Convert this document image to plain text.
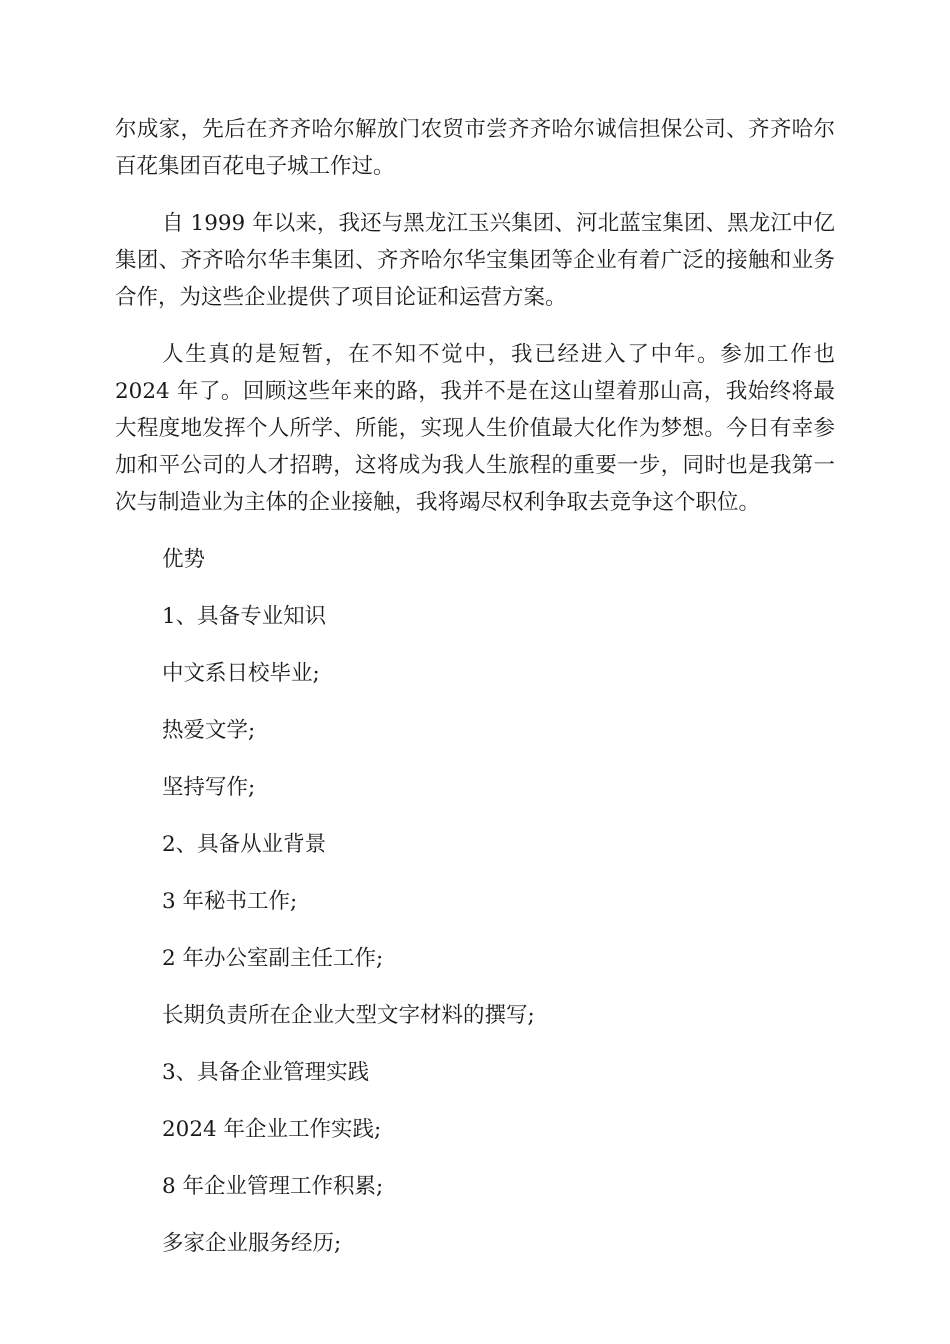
尔成家，先后在齐齐哈尔解放门农贸市尝齐齐哈尔诚信担保公司、齐齐哈尔百花集团百花电子城工作过。

自 1999 年以来，我还与黑龙江玉兴集团、河北蓝宝集团、黑龙江中亿集团、齐齐哈尔华丰集团、齐齐哈尔华宝集团等企业有着广泛的接触和业务合作，为这些企业提供了项目论证和运营方案。

人生真的是短暂，在不知不觉中，我已经进入了中年。参加工作也 2024 年了。回顾这些年来的路，我并不是在这山望着那山高，我始终将最大程度地发挥个人所学、所能，实现人生价值最大化作为梦想。今日有幸参加和平公司的人才招聘，这将成为我人生旅程的重要一步，同时也是我第一次与制造业为主体的企业接触，我将竭尽权利争取去竞争这个职位。

优势
1、具备专业知识
中文系日校毕业;
热爱文学;
坚持写作;
2、具备从业背景
3 年秘书工作;
2 年办公室副主任工作;
长期负责所在企业大型文字材料的撰写;
3、具备企业管理实践
2024 年企业工作实践;
8 年企业管理工作积累;
多家企业服务经历;
